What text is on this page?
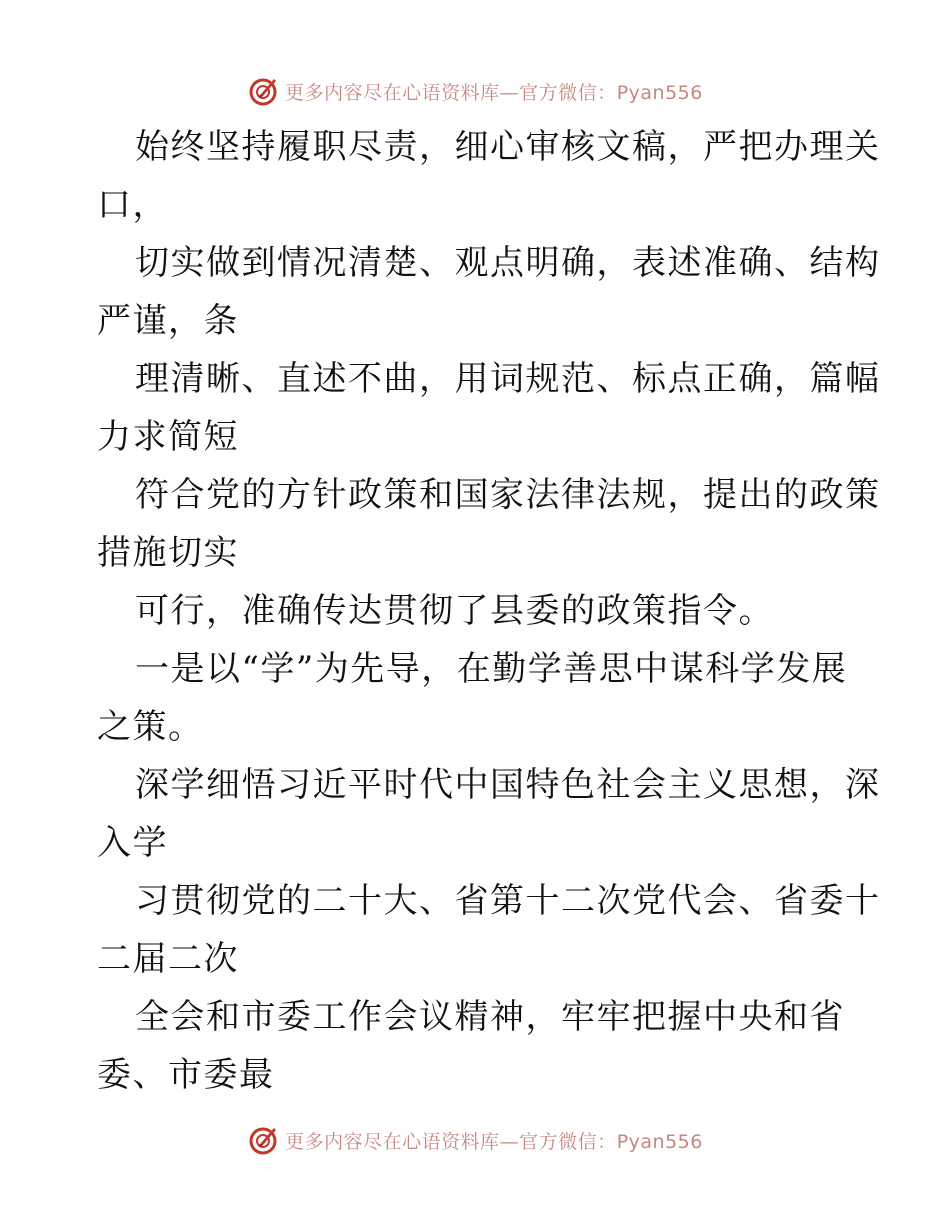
更多内容尽在心语资料库—官方微信：Pyan556

始终坚持履职尽责，细心审核文稿，严把办理关
口，

切实做到情况清楚、观点明确，表述准确、结构
严谨，条

理清晰、直述不曲，用词规范、标点正确，篇幅
力求简短

符合党的方针政策和国家法律法规，提出的政策
措施切实

可行，准确传达贯彻了县委的政策指令。

一是以“学”为先导，在勤学善思中谋科学发展
之策。

深学细悟习近平时代中国特色社会主义思想，深
入学

习贯彻党的二十大、省第十二次党代会、省委十
二届二次

全会和市委工作会议精神，牢牢把握中央和省
委、市委最

更多内容尽在心语资料库—官方微信：Pyan556
